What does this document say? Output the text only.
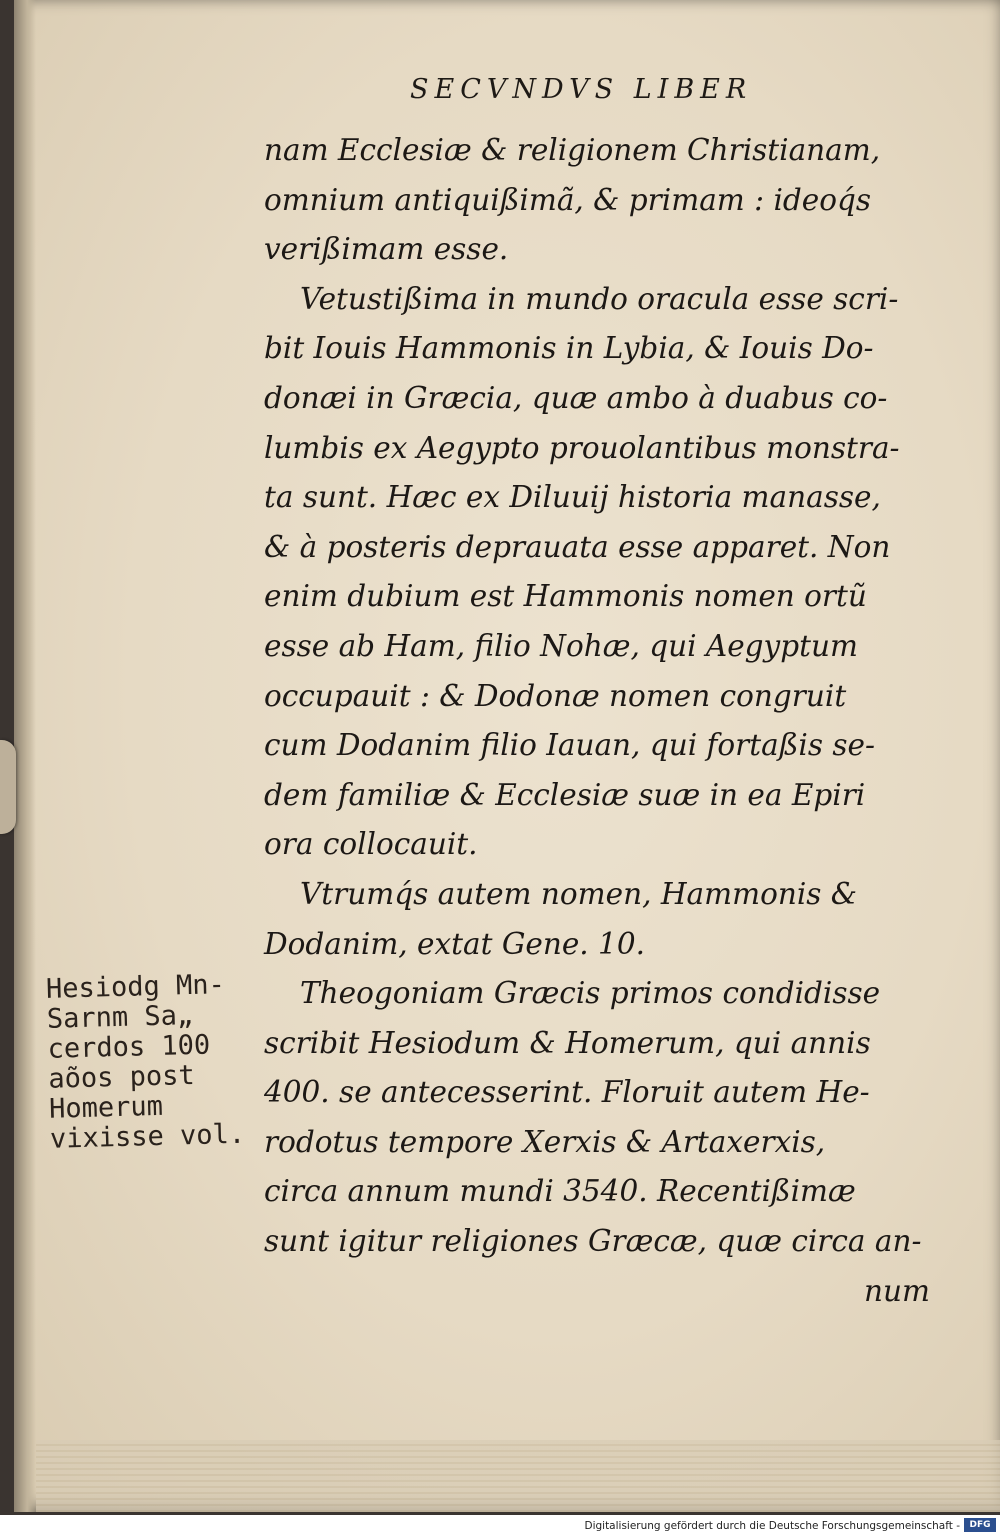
SECVNDVS LIBER
nam Ecclesiæ & religionem Christianam,
omnium antiquißimã, & primam : ideoq́s
verißimam esse.
Vetustißima in mundo oracula esse scri-
bit Iouis Hammonis in Lybia, & Iouis Do-
donæi in Græcia, quæ ambo à duabus co-
lumbis ex Aegypto prouolantibus monstra-
ta sunt. Hæc ex Diluuij historia manasse,
& à posteris deprauata esse apparet. Non
enim dubium est Hammonis nomen ortũ
esse ab Ham, filio Nohæ, qui Aegyptum
occupauit : & Dodonæ nomen congruit
cum Dodanim filio Iauan, qui fortaßis se-
dem familiæ & Ecclesiæ suæ in ea Epiri
ora collocauit.
Vtrumq́s autem nomen, Hammonis &
Dodanim, extat Gene. 10.
Theogoniam Græcis primos condidisse
scribit Hesiodum & Homerum, qui annis
400. se antecesserint. Floruit autem He-
rodotus tempore Xerxis & Artaxerxis,
circa annum mundi 3540. Recentißimæ
sunt igitur religiones Græcæ, quæ circa an-
num
Hesiodg Mn-
Sarnm Sa„
cerdos 100
aõos post
Homerum
vixisse vol.
Digitalisierung gefördert durch die Deutsche Forschungsgemeinschaft -	DFG
